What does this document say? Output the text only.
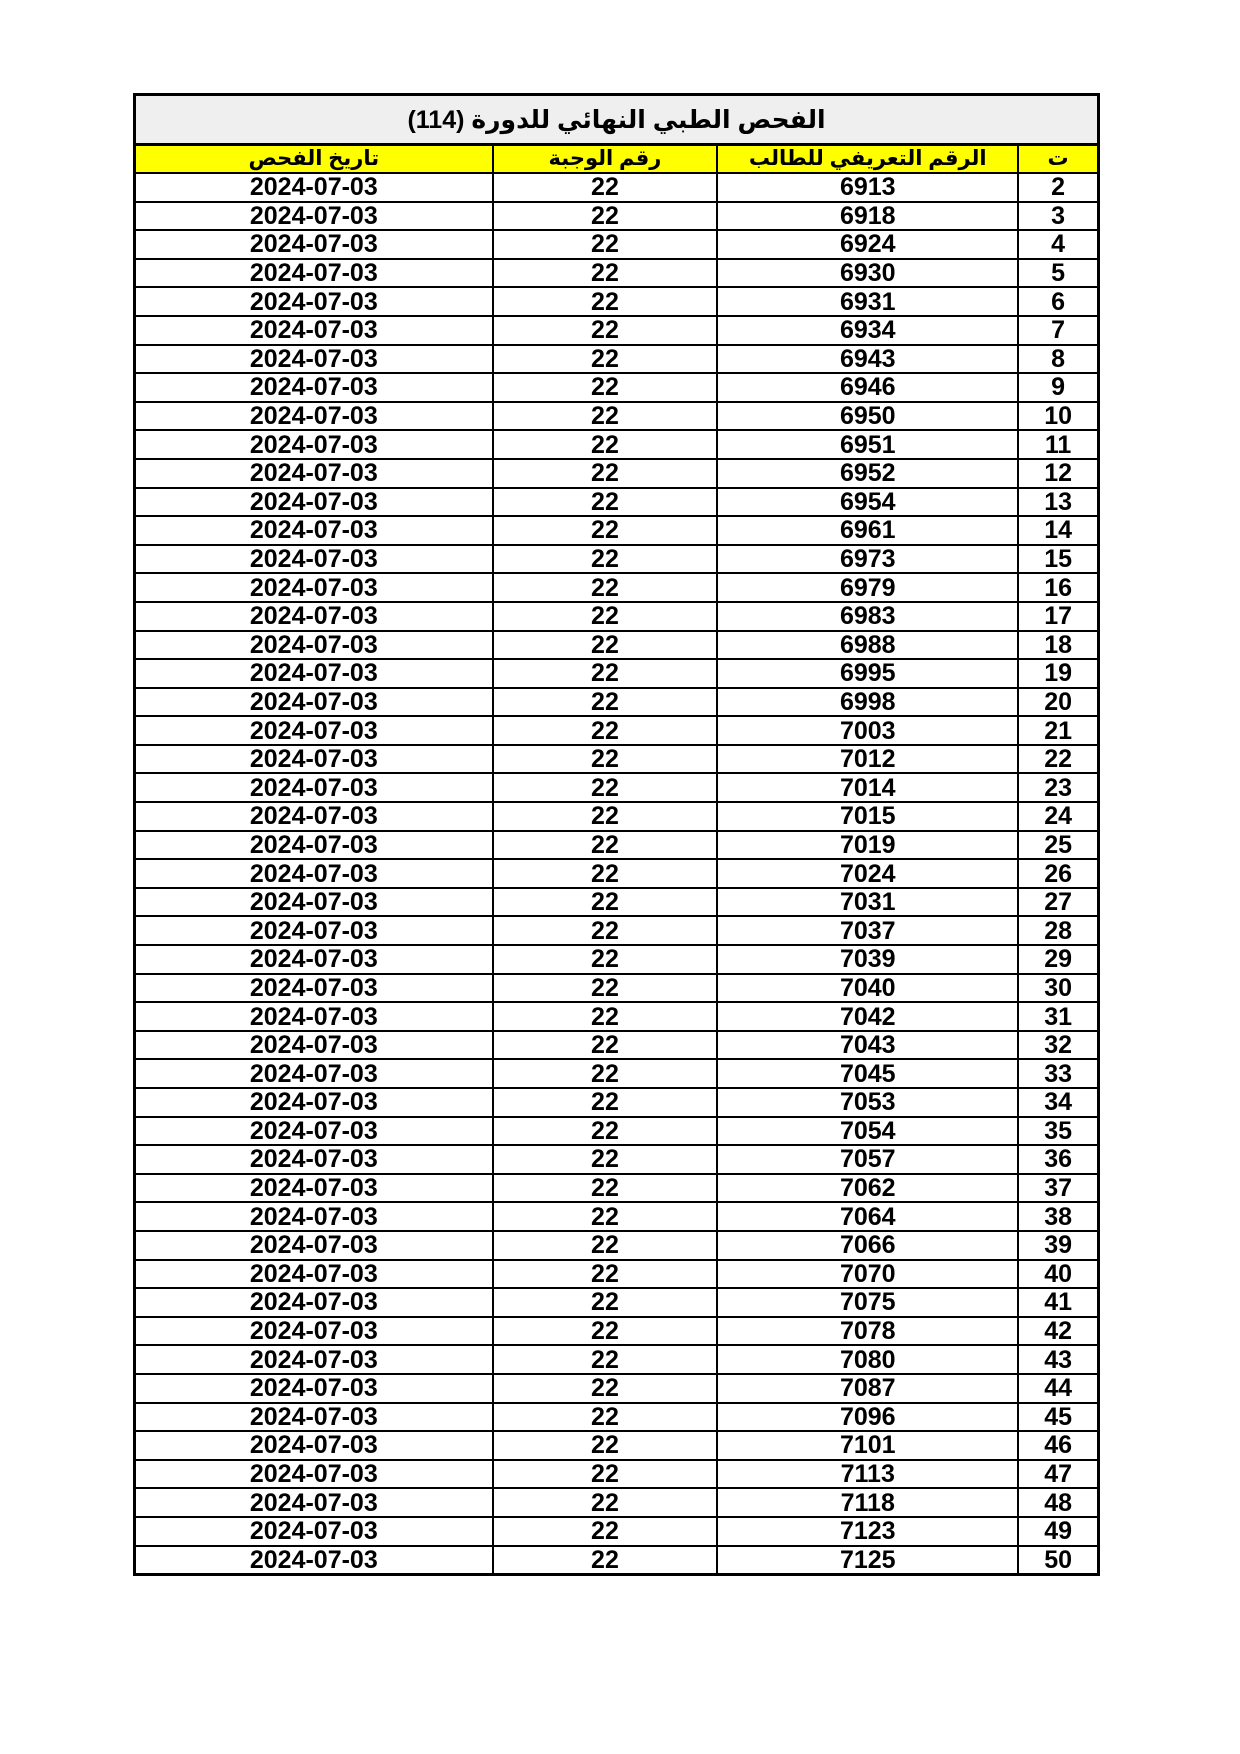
الفحص الطبي النهائي للدورة (114)
تاريخ الفحص	رقم الوجبة	الرقم التعريفي للطالب	ت
2024-07-03	22	6913	2
2024-07-03	22	6918	3
2024-07-03	22	6924	4
2024-07-03	22	6930	5
2024-07-03	22	6931	6
2024-07-03	22	6934	7
2024-07-03	22	6943	8
2024-07-03	22	6946	9
2024-07-03	22	6950	10
2024-07-03	22	6951	11
2024-07-03	22	6952	12
2024-07-03	22	6954	13
2024-07-03	22	6961	14
2024-07-03	22	6973	15
2024-07-03	22	6979	16
2024-07-03	22	6983	17
2024-07-03	22	6988	18
2024-07-03	22	6995	19
2024-07-03	22	6998	20
2024-07-03	22	7003	21
2024-07-03	22	7012	22
2024-07-03	22	7014	23
2024-07-03	22	7015	24
2024-07-03	22	7019	25
2024-07-03	22	7024	26
2024-07-03	22	7031	27
2024-07-03	22	7037	28
2024-07-03	22	7039	29
2024-07-03	22	7040	30
2024-07-03	22	7042	31
2024-07-03	22	7043	32
2024-07-03	22	7045	33
2024-07-03	22	7053	34
2024-07-03	22	7054	35
2024-07-03	22	7057	36
2024-07-03	22	7062	37
2024-07-03	22	7064	38
2024-07-03	22	7066	39
2024-07-03	22	7070	40
2024-07-03	22	7075	41
2024-07-03	22	7078	42
2024-07-03	22	7080	43
2024-07-03	22	7087	44
2024-07-03	22	7096	45
2024-07-03	22	7101	46
2024-07-03	22	7113	47
2024-07-03	22	7118	48
2024-07-03	22	7123	49
2024-07-03	22	7125	50
